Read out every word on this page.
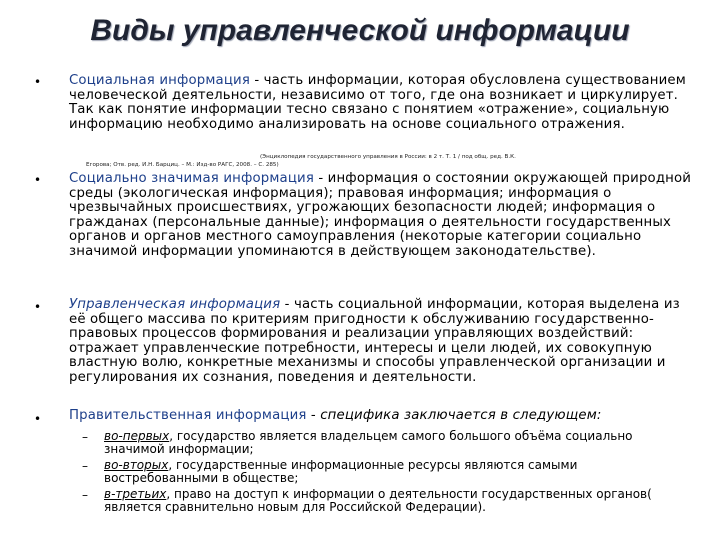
Виды управленческой информации
• Социальная информация - часть информации, которая обусловлена существованием человеческой деятельности, независимо от того, где она возникает и циркулирует. Так как понятие информации тесно связано с понятием «отражение», социальную информацию необходимо анализировать на основе социального отражения.
(Энциклопедия государственного управления в России: в 2 т. Т. 1 / под общ. ред. В.К.
Егорова; Отв. ред. И.Н. Барциц. – М.: Изд-во РАГС, 2008. – С. 285)
• Социально значимая информация - информация о состоянии окружающей природной среды (экологическая информация); правовая информация; информация о чрезвычайных происшествиях, угрожающих безопасности людей; информация о гражданах (персональные данные); информация о деятельности государственных органов и органов местного самоуправления (некоторые категории социально значимой информации упоминаются в действующем законодательстве).
• Управленческая информация - часть социальной информации, которая выделена из её общего массива по критериям пригодности к обслуживанию государственно-правовых процессов формирования и реализации управляющих воздействий: отражает управленческие потребности, интересы и цели людей, их совокупную властную волю, конкретные механизмы и способы управленческой организации и регулирования их сознания, поведения и деятельности.
• Правительственная информация - специфика заключается в следующем:
– во-первых, государство является владельцем самого большого объёма социально значимой информации;
– во-вторых, государственные информационные ресурсы являются самыми востребованными в обществе;
– в-третьих, право на доступ к информации о деятельности государственных органов( является сравнительно новым для Российской Федерации).
